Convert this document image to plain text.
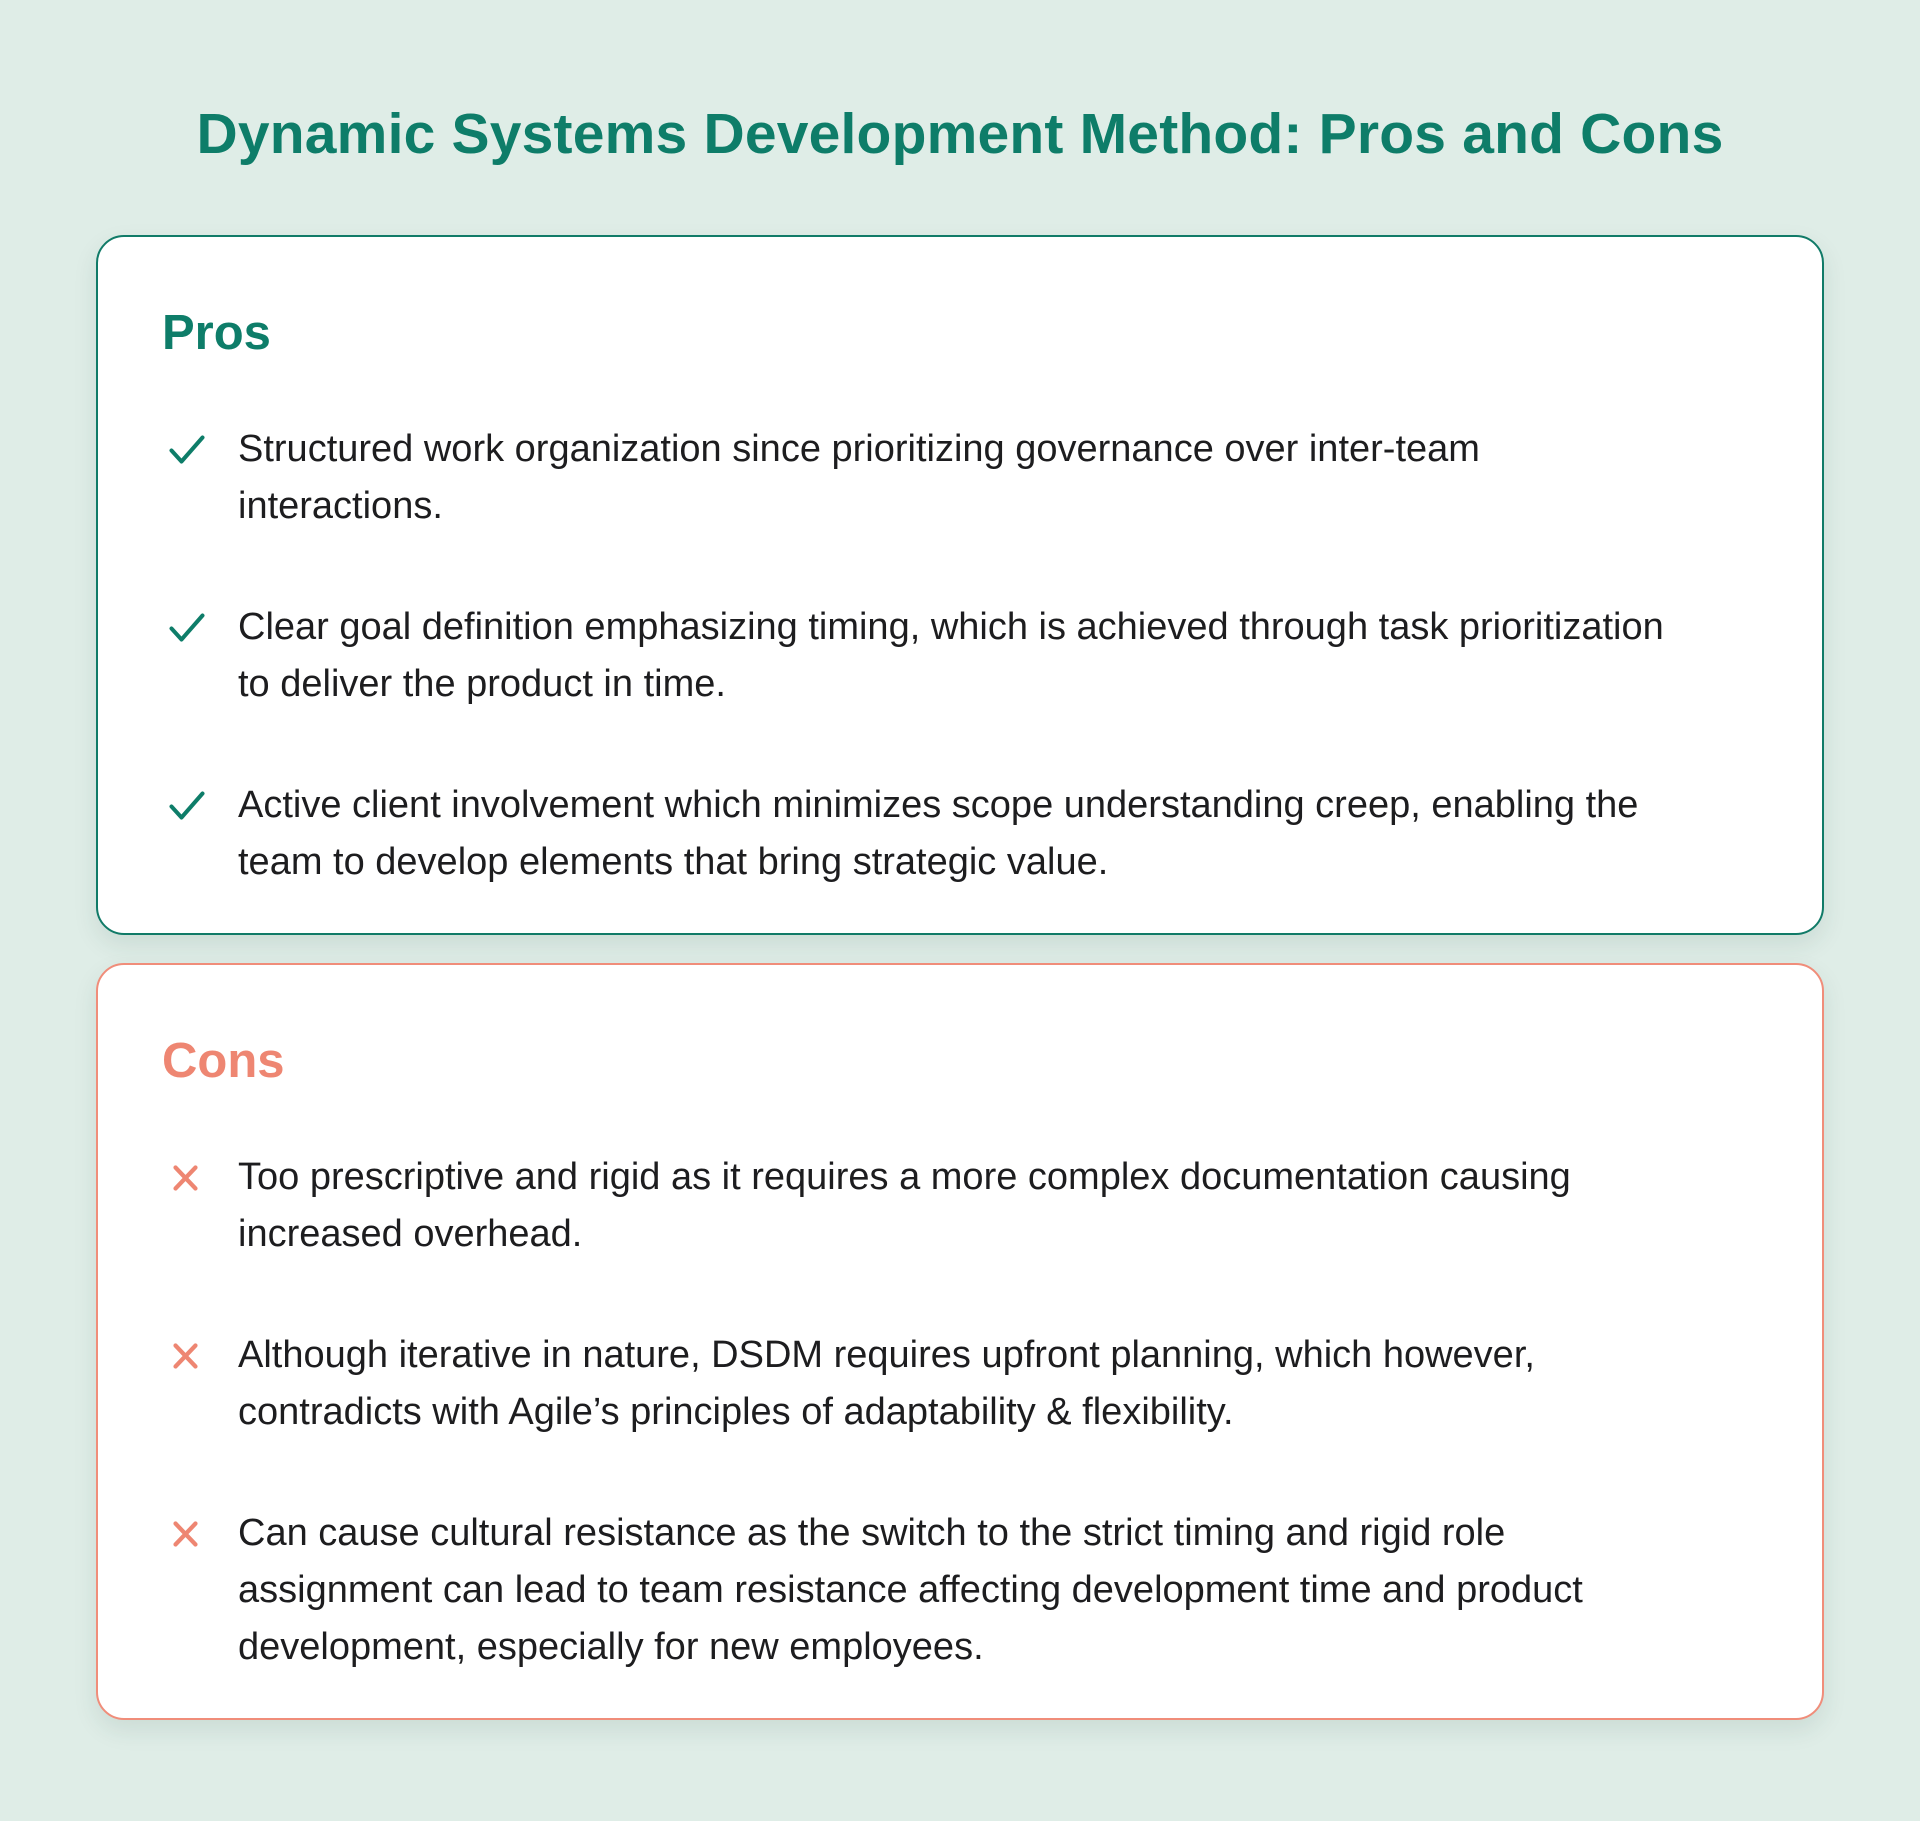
Dynamic Systems Development Method: Pros and Cons
Pros
Structured work organization since prioritizing governance over inter-team interactions.
Clear goal definition emphasizing timing, which is achieved through task prioritization to deliver the product in time.
Active client involvement which minimizes scope understanding creep, enabling the team to develop elements that bring strategic value.
Cons
Too prescriptive and rigid as it requires a more complex documentation causing increased overhead.
Although iterative in nature, DSDM requires upfront planning, which however, contradicts with Agile’s principles of adaptability & flexibility.
Can cause cultural resistance as the switch to the strict timing and rigid role assignment can lead to team resistance affecting development time and product development, especially for new employees.
